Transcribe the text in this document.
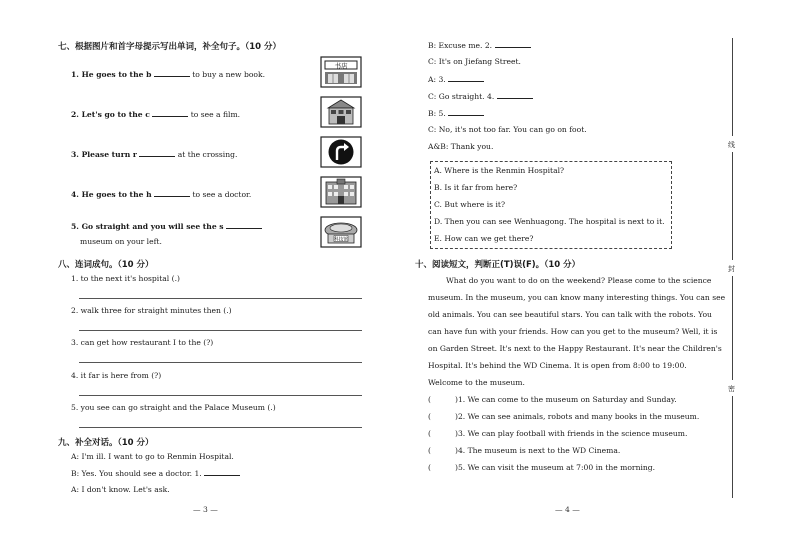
七、根据图片和首字母提示写出单词，补全句子。（10 分）
1. He goes to the b	to buy a new book.
2. Let's go to the c	to see a film.
3. Please turn r	at the crossing.
4. He goes to the h	to see a doctor.
5. Go straight and you will see the s
museum on your left.
书店
科技馆
八、连词成句。（10 分）
1. to the next it's hospital (.)
2. walk three for straight minutes then (.)
3. can get how restaurant I to the (?)
4. it far is here from (?)
5. you see can go straight and the Palace Museum (.)
九、补全对话。（10 分）
A: I'm ill. I want to go to Renmin Hospital.
B: Yes. You should see a doctor. 1.
A: I don't know. Let's ask.
— 3 —
B: Excuse me. 2.
C: It's on Jiefang Street.
A: 3.
C: Go straight. 4.
B: 5.
C: No, it's not too far. You can go on foot.
A&B: Thank you.
A. Where is the Renmin Hospital?
B. Is it far from here?
C. But where is it?
D. Then you can see Wenhuagong. The hospital is next to it.
E. How can we get there?
十、阅读短文，判断正(T)误(F)。（10 分）
What do you want to do on the weekend? Please come to the science
museum. In the museum, you can know many interesting things. You can see
old animals. You can see beautiful stars. You can talk with the robots. You
can have fun with your friends. How can you get to the museum? Well, it is
on Garden Street. It's next to the Happy Restaurant. It's near the Children's
Hospital. It's behind the WD Cinema. It is open from 8:00 to 19:00.
Welcome to the museum.
(	)1. We can come to the museum on Saturday and Sunday.
(	)2. We can see animals, robots and many books in the museum.
(	)3. We can play football with friends in the science museum.
(	)4. The museum is next to the WD Cinema.
(	)5. We can visit the museum at 7:00 in the morning.
— 4 —
线
封
密
